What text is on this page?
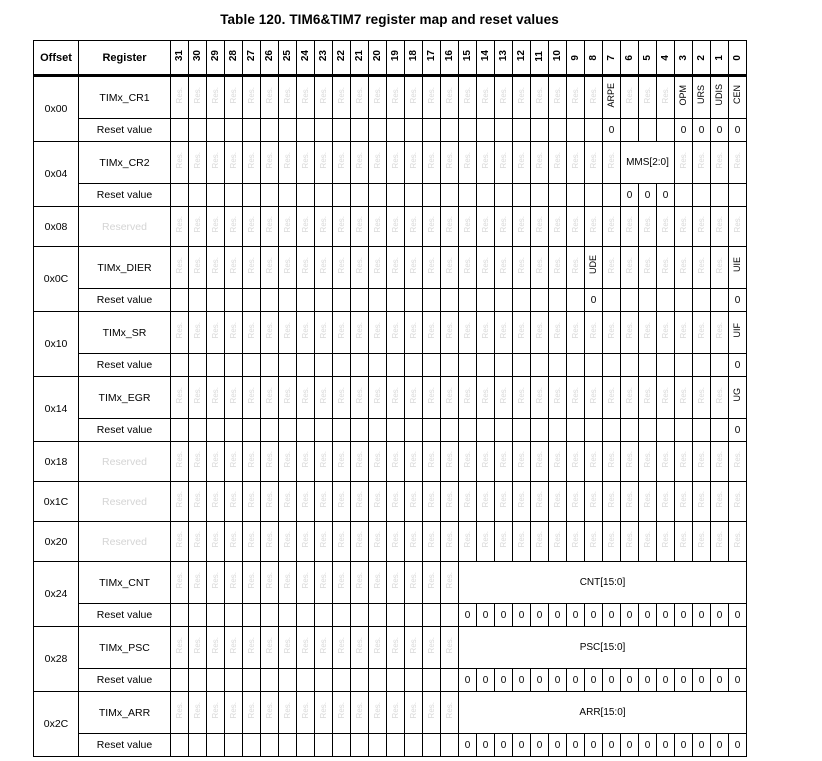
Table 120. TIM6&TIM7 register map and reset values
Offset	Register	31	30	29	28	27	26	25	24	23	22	21	20	19	18	17	16	15	14	13	12	11	10	9	8	7	6	5	4	3	2	1	0
0x00	TIMx_CR1	Res.	Res.	Res.	Res.	Res.	Res.	Res.	Res.	Res.	Res.	Res.	Res.	Res.	Res.	Res.	Res.	Res.	Res.	Res.	Res.	Res.	Res.	Res.	Res.	ARPE	Res.	Res.	Res.	OPM	URS	UDIS	CEN
	Reset value																									0				0	0	0	0
0x04	TIMx_CR2	Res.	Res.	Res.	Res.	Res.	Res.	Res.	Res.	Res.	Res.	Res.	Res.	Res.	Res.	Res.	Res.	Res.	Res.	Res.	Res.	Res.	Res.	Res.	Res.	Res.	MMS[2:0]			Res.	Res.	Res.	Res.
	Reset value																										0	0	0				
0x08	Reserved	Res.	Res.	Res.	Res.	Res.	Res.	Res.	Res.	Res.	Res.	Res.	Res.	Res.	Res.	Res.	Res.	Res.	Res.	Res.	Res.	Res.	Res.	Res.	Res.	Res.	Res.	Res.	Res.	Res.	Res.	Res.	Res.
0x0C	TIMx_DIER	Res.	Res.	Res.	Res.	Res.	Res.	Res.	Res.	Res.	Res.	Res.	Res.	Res.	Res.	Res.	Res.	Res.	Res.	Res.	Res.	Res.	Res.	Res.	UDE	Res.	Res.	Res.	Res.	Res.	Res.	Res.	UIE
	Reset value																								0								0
0x10	TIMx_SR	Res.	Res.	Res.	Res.	Res.	Res.	Res.	Res.	Res.	Res.	Res.	Res.	Res.	Res.	Res.	Res.	Res.	Res.	Res.	Res.	Res.	Res.	Res.	Res.	Res.	Res.	Res.	Res.	Res.	Res.	Res.	UIF
	Reset value																																0
0x14	TIMx_EGR	Res.	Res.	Res.	Res.	Res.	Res.	Res.	Res.	Res.	Res.	Res.	Res.	Res.	Res.	Res.	Res.	Res.	Res.	Res.	Res.	Res.	Res.	Res.	Res.	Res.	Res.	Res.	Res.	Res.	Res.	Res.	UG
	Reset value																																0
0x18	Reserved	Res.	Res.	Res.	Res.	Res.	Res.	Res.	Res.	Res.	Res.	Res.	Res.	Res.	Res.	Res.	Res.	Res.	Res.	Res.	Res.	Res.	Res.	Res.	Res.	Res.	Res.	Res.	Res.	Res.	Res.	Res.	Res.
0x1C	Reserved	Res.	Res.	Res.	Res.	Res.	Res.	Res.	Res.	Res.	Res.	Res.	Res.	Res.	Res.	Res.	Res.	Res.	Res.	Res.	Res.	Res.	Res.	Res.	Res.	Res.	Res.	Res.	Res.	Res.	Res.	Res.	Res.
0x20	Reserved	Res.	Res.	Res.	Res.	Res.	Res.	Res.	Res.	Res.	Res.	Res.	Res.	Res.	Res.	Res.	Res.	Res.	Res.	Res.	Res.	Res.	Res.	Res.	Res.	Res.	Res.	Res.	Res.	Res.	Res.	Res.	Res.
0x24	TIMx_CNT	Res.	Res.	Res.	Res.	Res.	Res.	Res.	Res.	Res.	Res.	Res.	Res.	Res.	Res.	Res.	Res.	CNT[15:0]															
	Reset value																	0	0	0	0	0	0	0	0	0	0	0	0	0	0	0	0
0x28	TIMx_PSC	Res.	Res.	Res.	Res.	Res.	Res.	Res.	Res.	Res.	Res.	Res.	Res.	Res.	Res.	Res.	Res.	PSC[15:0]															
	Reset value																	0	0	0	0	0	0	0	0	0	0	0	0	0	0	0	0
0x2C	TIMx_ARR	Res.	Res.	Res.	Res.	Res.	Res.	Res.	Res.	Res.	Res.	Res.	Res.	Res.	Res.	Res.	Res.	ARR[15:0]															
	Reset value																	0	0	0	0	0	0	0	0	0	0	0	0	0	0	0	0
